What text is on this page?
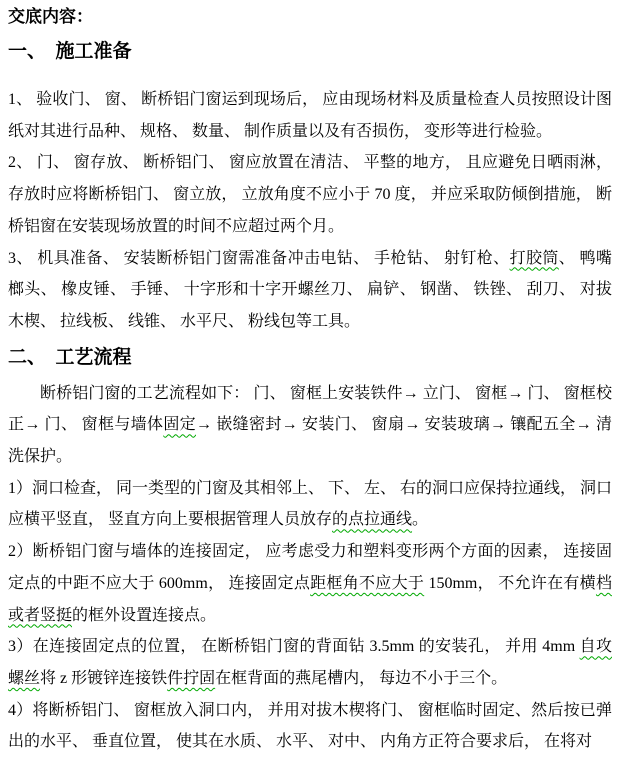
交底内容：
一、　施工准备

1、 验收门、 窗、 断桥铝门窗运到现场后， 应由现场材料及质量检查人员按照设计图纸对其进行品种、 规格、 数量、 制作质量以及有否损伤， 变形等进行检验。

2、 门、 窗存放、 断桥铝门、 窗应放置在清洁、 平整的地方， 且应避免日晒雨淋，存放时应将断桥铝门、 窗立放， 立放角度不应小于 70 度， 并应采取防倾倒措施， 断桥铝窗在安装现场放置的时间不应超过两个月。

3、 机具准备、 安装断桥铝门窗需准备冲击电钻、 手枪钻、 射钉枪、打胶筒、 鸭嘴榔头、 橡皮锤、 手锤、 十字形和十字开螺丝刀、 扁铲、 钢凿、 铁锉、 刮刀、 对拔木楔、 拉线板、 线锥、 水平尺、 粉线包等工具。

二、　工艺流程

断桥铝门窗的工艺流程如下： 门、 窗框上安装铁件→ 立门、 窗框→ 门、 窗框校正→ 门、 窗框与墙体固定→ 嵌缝密封→ 安装门、 窗扇→ 安装玻璃→ 镶配五全→ 清洗保护。

1）洞口检查， 同一类型的门窗及其相邻上、 下、 左、 右的洞口应保持拉通线， 洞口应横平竖直， 竖直方向上要根据管理人员放存的点拉通线。

2）断桥铝门窗与墙体的连接固定， 应考虑受力和塑料变形两个方面的因素， 连接固定点的中距不应大于 600mm， 连接固定点距框角不应大于 150mm， 不允许在有横档或者竖挺的框外设置连接点。

3）在连接固定点的位置， 在断桥铝门窗的背面钻 3.5mm 的安装孔， 并用 4mm 自攻螺丝将 z 形镀锌连接铁件拧固在框背面的燕尾槽内， 每边不小于三个。

4）将断桥铝门、 窗框放入洞口内， 并用对拔木楔将门、 窗框临时固定、然后按已弹出的水平、 垂直位置， 使其在水质、 水平、 对中、 内角方正符合要求后， 在将对
